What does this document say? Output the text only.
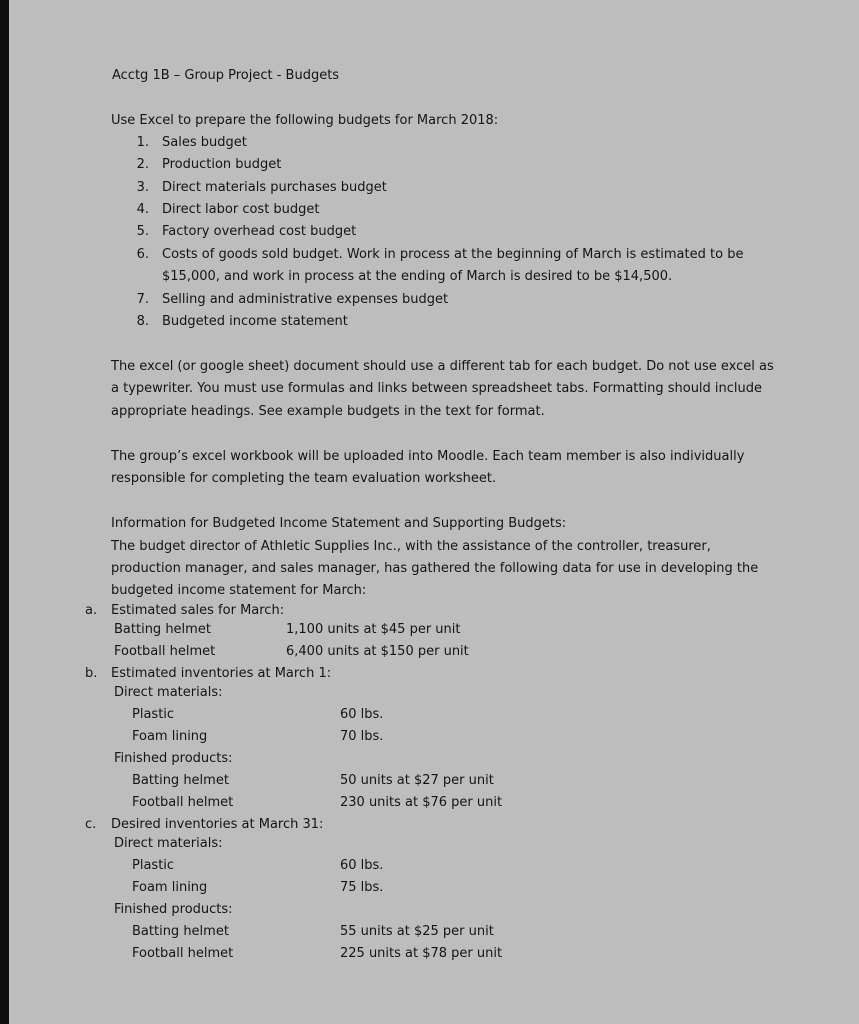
Acctg 1B – Group Project - Budgets
Use Excel to prepare the following budgets for March 2018:
1. Sales budget
2. Production budget
3. Direct materials purchases budget
4. Direct labor cost budget
5. Factory overhead cost budget
6. Costs of goods sold budget. Work in process at the beginning of March is estimated to be
$15,000, and work in process at the ending of March is desired to be $14,500.
7. Selling and administrative expenses budget
8. Budgeted income statement
The excel (or google sheet) document should use a different tab for each budget. Do not use excel as
a typewriter. You must use formulas and links between spreadsheet tabs. Formatting should include
appropriate headings. See example budgets in the text for format.
The group’s excel workbook will be uploaded into Moodle. Each team member is also individually
responsible for completing the team evaluation worksheet.
Information for Budgeted Income Statement and Supporting Budgets:
The budget director of Athletic Supplies Inc., with the assistance of the controller, treasurer,
production manager, and sales manager, has gathered the following data for use in developing the
budgeted income statement for March:
a. Estimated sales for March:
Batting helmet	1,100 units at $45 per unit
Football helmet	6,400 units at $150 per unit
b. Estimated inventories at March 1:
Direct materials:
Plastic	60 lbs.
Foam lining	70 lbs.
Finished products:
Batting helmet	50 units at $27 per unit
Football helmet	230 units at $76 per unit
c. Desired inventories at March 31:
Direct materials:
Plastic	60 lbs.
Foam lining	75 lbs.
Finished products:
Batting helmet	55 units at $25 per unit
Football helmet	225 units at $78 per unit
